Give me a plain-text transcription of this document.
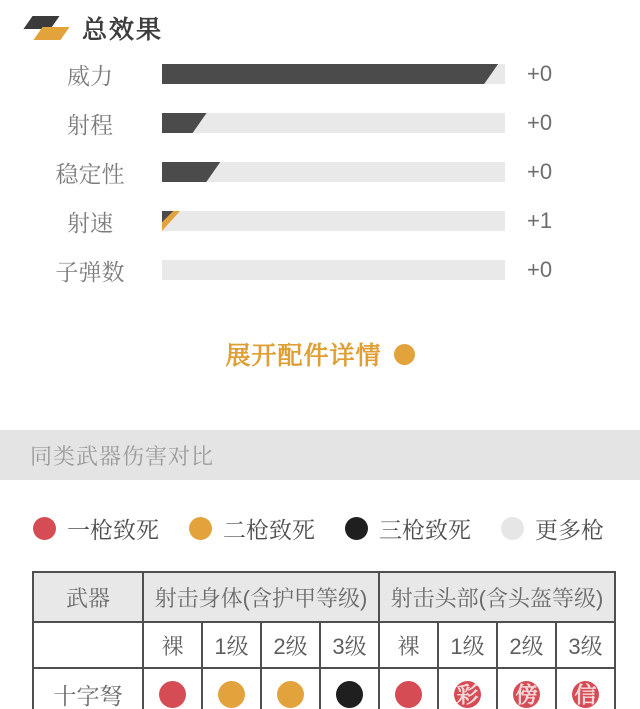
总效果
威力	+0
射程	+0
稳定性	+0
射速	+1
子弹数	+0
展开配件详情
同类武器伤害对比
一枪致死	二枪致死	三枪致死	更多枪
武器	射击身体(含护甲等级)				射击头部(含头盔等级)			
	裸	1级	2级	3级	裸	1级	2级	3级
十字弩						彩	傍	信
